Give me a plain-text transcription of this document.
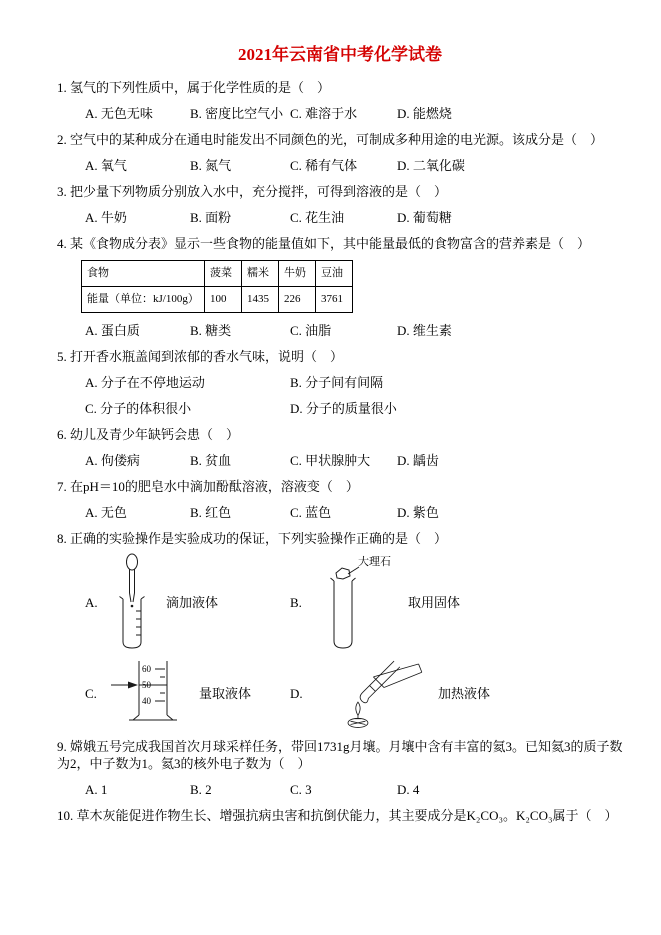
2021年云南省中考化学试卷
1. 氢气的下列性质中，属于化学性质的是（　）
A. 无色无味	B. 密度比空气小 C. 难溶于水	D. 能燃烧
2. 空气中的某种成分在通电时能发出不同颜色的光，可制成多种用途的电光源。该成分是（　）
A. 氧气	B. 氮气	C. 稀有气体	D. 二氧化碳
3. 把少量下列物质分别放入水中，充分搅拌，可得到溶液的是（　）
A. 牛奶	B. 面粉	C. 花生油	D. 葡萄糖
4. 某《食物成分表》显示一些食物的能量值如下，其中能量最低的食物富含的营养素是（　）
食物	菠菜	糯米	牛奶	豆油
能量（单位：kJ/100g）	100	1435	226	3761
A. 蛋白质	B. 糖类	C. 油脂	D. 维生素
5. 打开香水瓶盖闻到浓郁的香水气味，说明（　）
A. 分子在不停地运动	B. 分子间有间隔
C. 分子的体积很小	D. 分子的质量很小
6. 幼儿及青少年缺钙会患（　）
A. 佝偻病	B. 贫血	C. 甲状腺肿大	D. 龋齿
7. 在pH＝10的肥皂水中滴加酚酞溶液，溶液变（　）
A. 无色	B. 红色	C. 蓝色	D. 紫色
8. 正确的实验操作是实验成功的保证，下列实验操作正确的是（　）
A.	滴加液体	B.
大理石
取用固体
C.
60
50
40
量取液体	D.	加热液体
9. 嫦娥五号完成我国首次月球采样任务，带回1731g月壤。月壤中含有丰富的氦3。已知氦3的质子数为2，中子数为1。氦3的核外电子数为（　）
A. 1	B. 2	C. 3	D. 4
10. 草木灰能促进作物生长、增强抗病虫害和抗倒伏能力，其主要成分是K₂CO₃。K₂CO₃属于（　）
